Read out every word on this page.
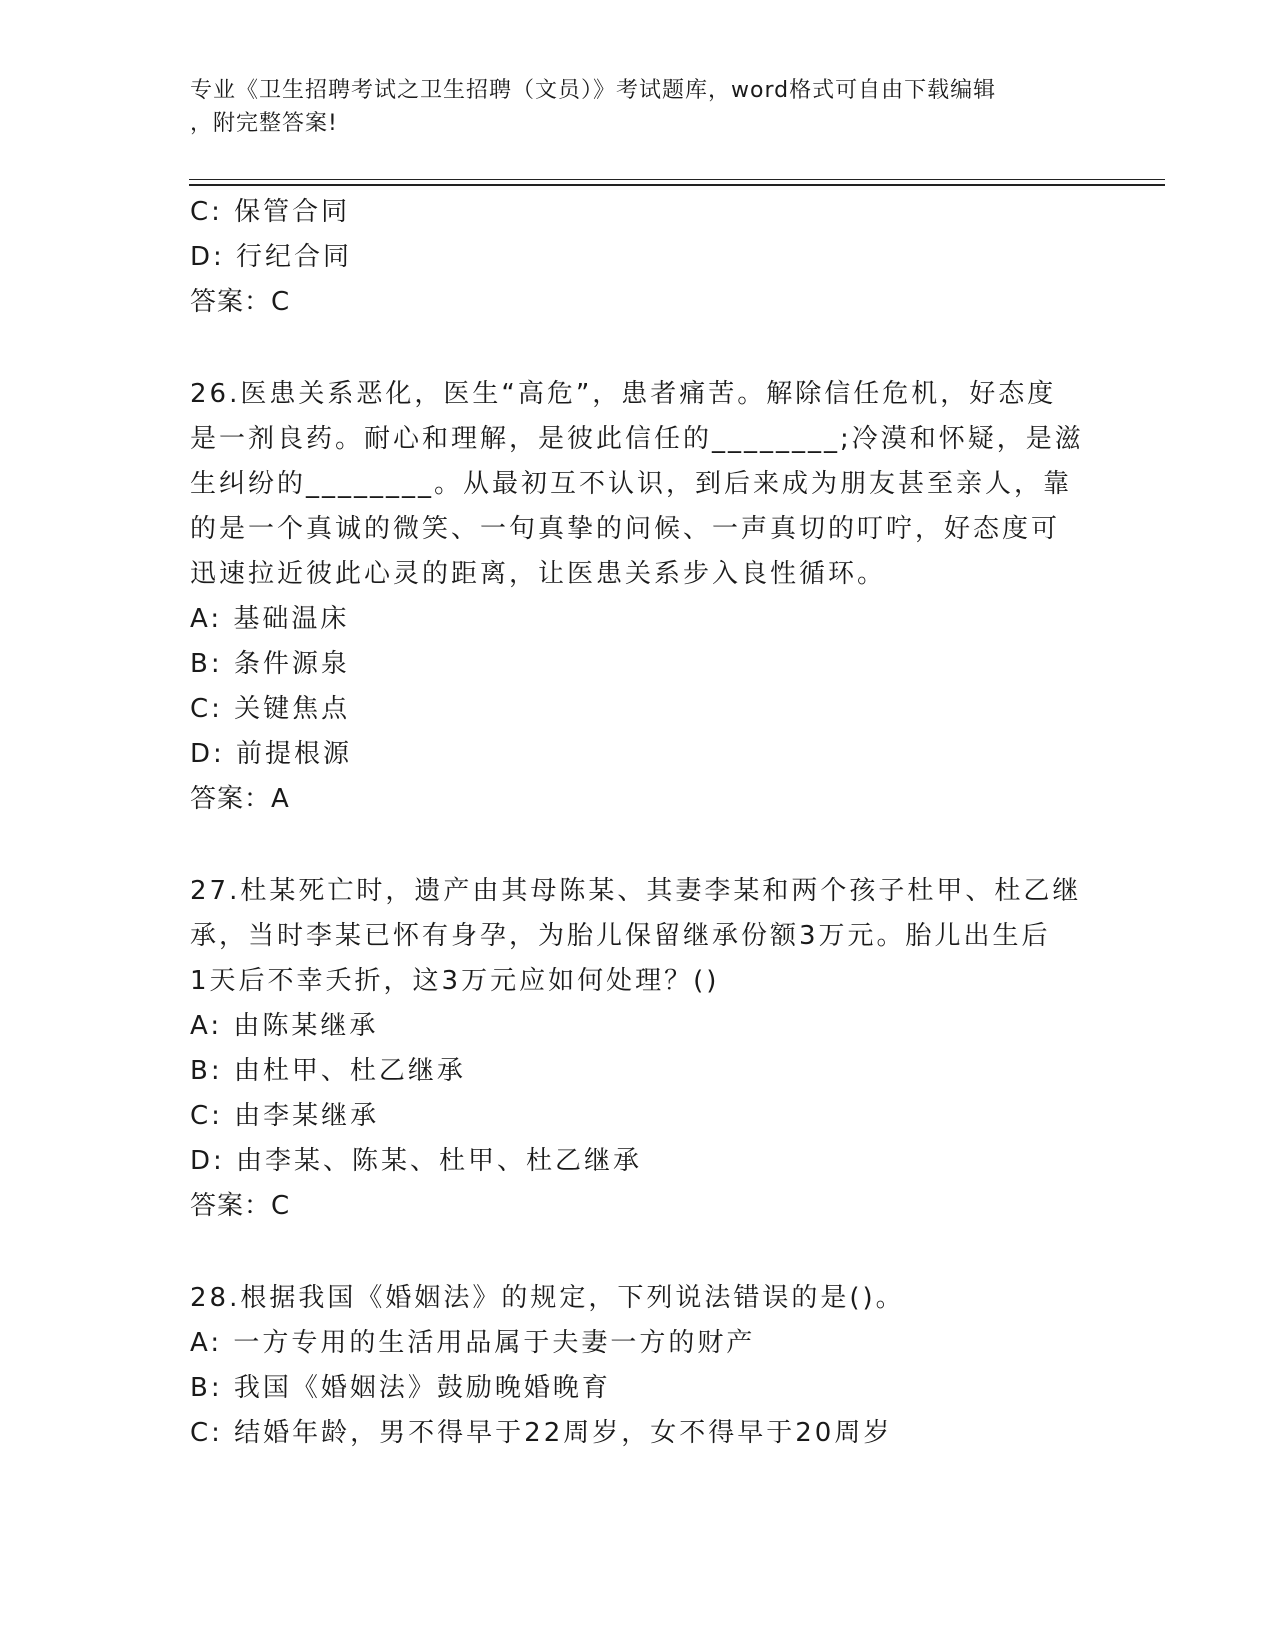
专业《卫生招聘考试之卫生招聘（文员）》考试题库，word格式可自由下载编辑
，附完整答案!

C: 保管合同

D: 行纪合同

答案：C

26.医患关系恶化，医生“高危”，患者痛苦。解除信任危机，好态度

是一剂良药。耐心和理解，是彼此信任的________;冷漠和怀疑，是滋

生纠纷的________。从最初互不认识，到后来成为朋友甚至亲人，靠

的是一个真诚的微笑、一句真挚的问候、一声真切的叮咛，好态度可

迅速拉近彼此心灵的距离，让医患关系步入良性循环。

A: 基础温床

B: 条件源泉

C: 关键焦点

D: 前提根源

答案：A

27.杜某死亡时，遗产由其母陈某、其妻李某和两个孩子杜甲、杜乙继

承，当时李某已怀有身孕，为胎儿保留继承份额3万元。胎儿出生后

1天后不幸夭折，这3万元应如何处理？()

A: 由陈某继承

B: 由杜甲、杜乙继承

C: 由李某继承

D: 由李某、陈某、杜甲、杜乙继承

答案：C

28.根据我国《婚姻法》的规定，下列说法错误的是()。

A: 一方专用的生活用品属于夫妻一方的财产

B: 我国《婚姻法》鼓励晚婚晚育

C: 结婚年龄，男不得早于22周岁，女不得早于20周岁
